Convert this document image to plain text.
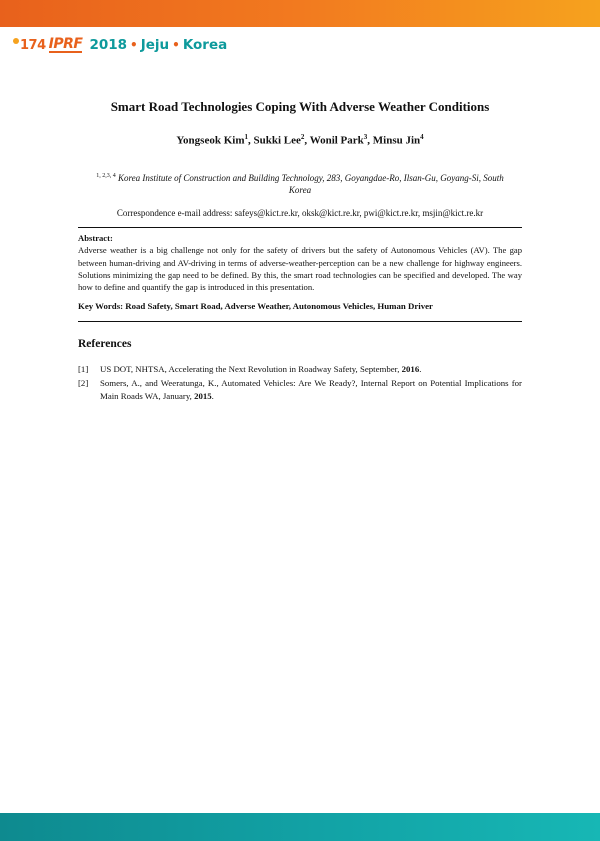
174 IPRF 2018 • Jeju • Korea
Smart Road Technologies Coping With Adverse Weather Conditions
Yongseok Kim$^1$, Sukki Lee$^2$, Wonil Park$^3$, Minsu Jin$^4$
$^{1, 2,3, 4}$ Korea Institute of Construction and Building Technology, 283, Goyangdae-Ro, Ilsan-Gu, Goyang-Si, South Korea
Correspondence e-mail address: safeys@kict.re.kr, oksk@kict.re.kr, pwi@kict.re.kr, msjin@kict.re.kr
Abstract:
Adverse weather is a big challenge not only for the safety of drivers but the safety of Autonomous Vehicles (AV). The gap between human-driving and AV-driving in terms of adverse-weather-perception can be a new challenge for highway engineers. Solutions minimizing the gap need to be defined. By this, the smart road technologies can be specified and developed. The way how to define and quantify the gap is introduced in this presentation.
Key Words: Road Safety, Smart Road, Adverse Weather, Autonomous Vehicles, Human Driver
References
[1]	US DOT, NHTSA, Accelerating the Next Revolution in Roadway Safety, September, 2016.
[2]	Somers, A., and Weeratunga, K., Automated Vehicles: Are We Ready?, Internal Report on Potential Implications for Main Roads WA, January, 2015.
